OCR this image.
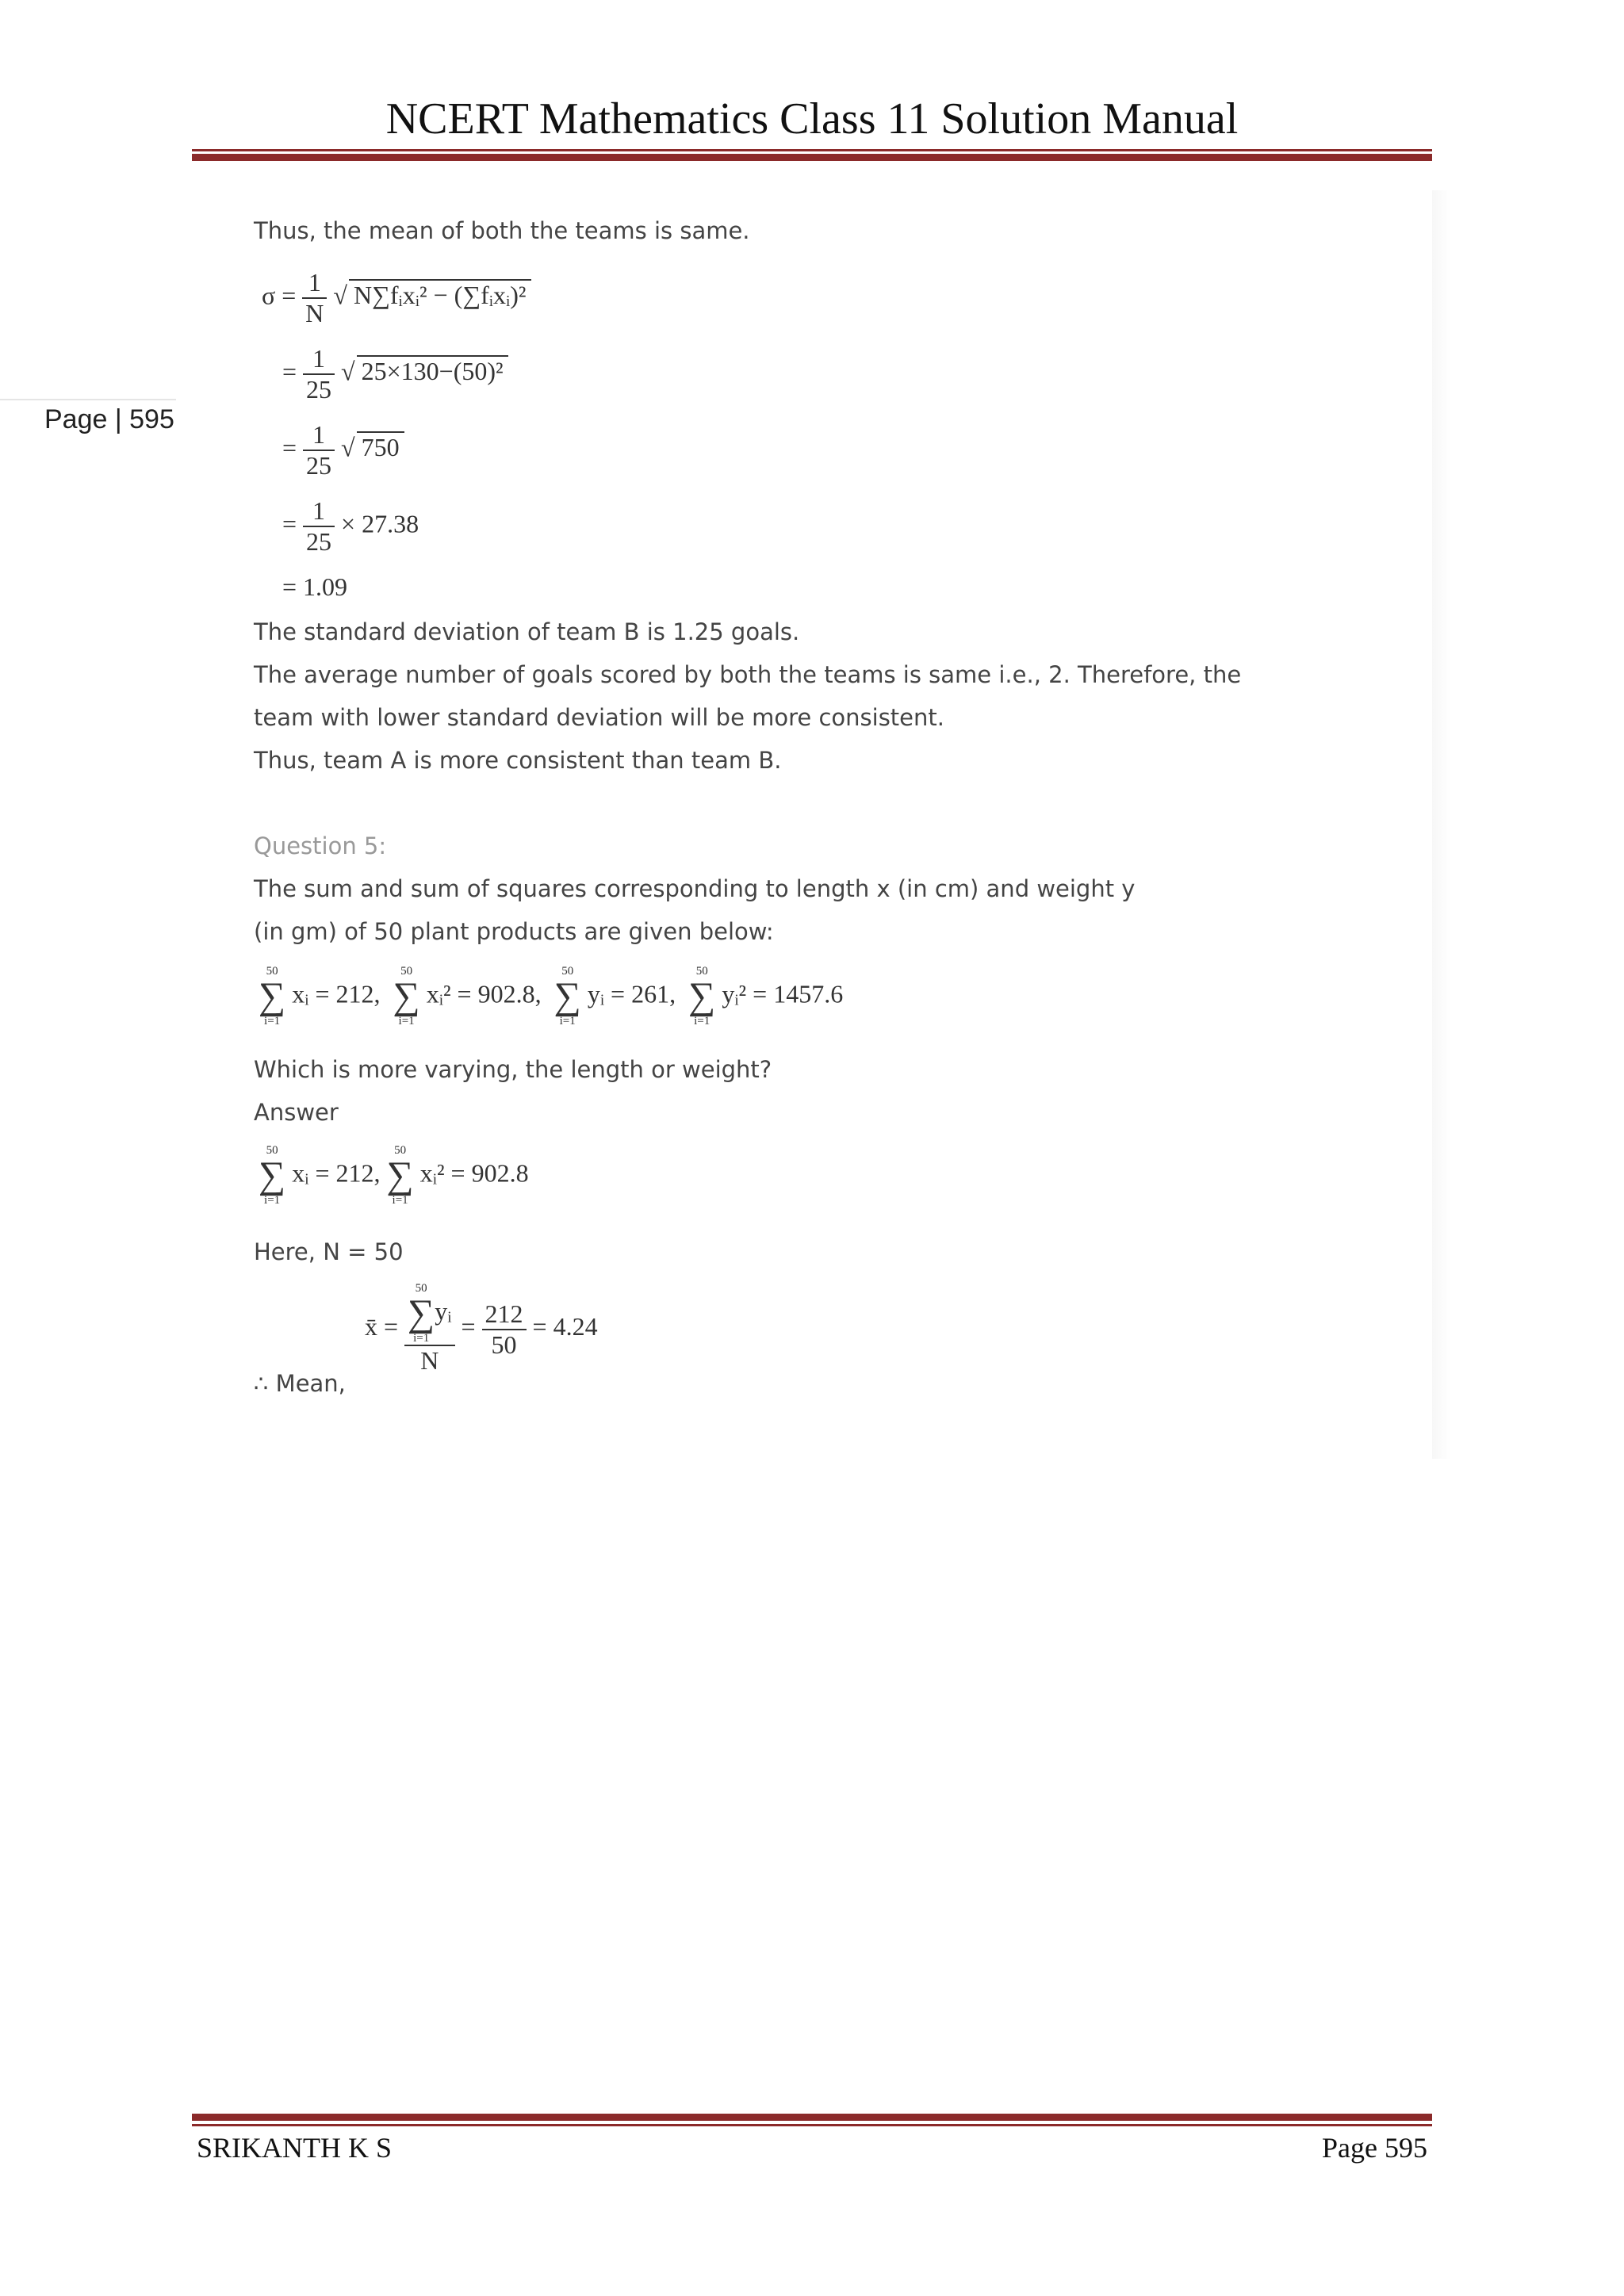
NCERT Mathematics Class 11 Solution Manual
Page | 595
Thus, the mean of both the teams is same.
$\sigma = \frac{1}{N}$ √ N∑fᵢxᵢ² − (∑fᵢxᵢ)²
= $\frac{1}{25}$ √ 25×130−(50)²
= $\frac{1}{25}$ √ 750
= $\frac{1}{25} \times 27.38$
= 1.09
The standard deviation of team B is 1.25 goals.
The average number of goals scored by both the teams is same i.e., 2. Therefore, the
team with lower standard deviation will be more consistent.
Thus, team A is more consistent than team B.
Question 5:
The sum and sum of squares corresponding to length x (in cm) and weight y
(in gm) of 50 plant products are given below:
50
∑
i=1
xᵢ = 212,
50
∑
i=1
xᵢ² = 902.8,
50
∑
i=1
yᵢ = 261,
50
∑
i=1
yᵢ² = 1457.6
Which is more varying, the length or weight?
Answer
50
∑
i=1
xᵢ = 212,
50
∑
i=1
xᵢ² = 902.8
Here, N = 50
∴ Mean,
x̄ = 50
∑
i=1
yᵢ
$N = \frac{212}{50} = 4.24$
SRIKANTH K S	Page 595
